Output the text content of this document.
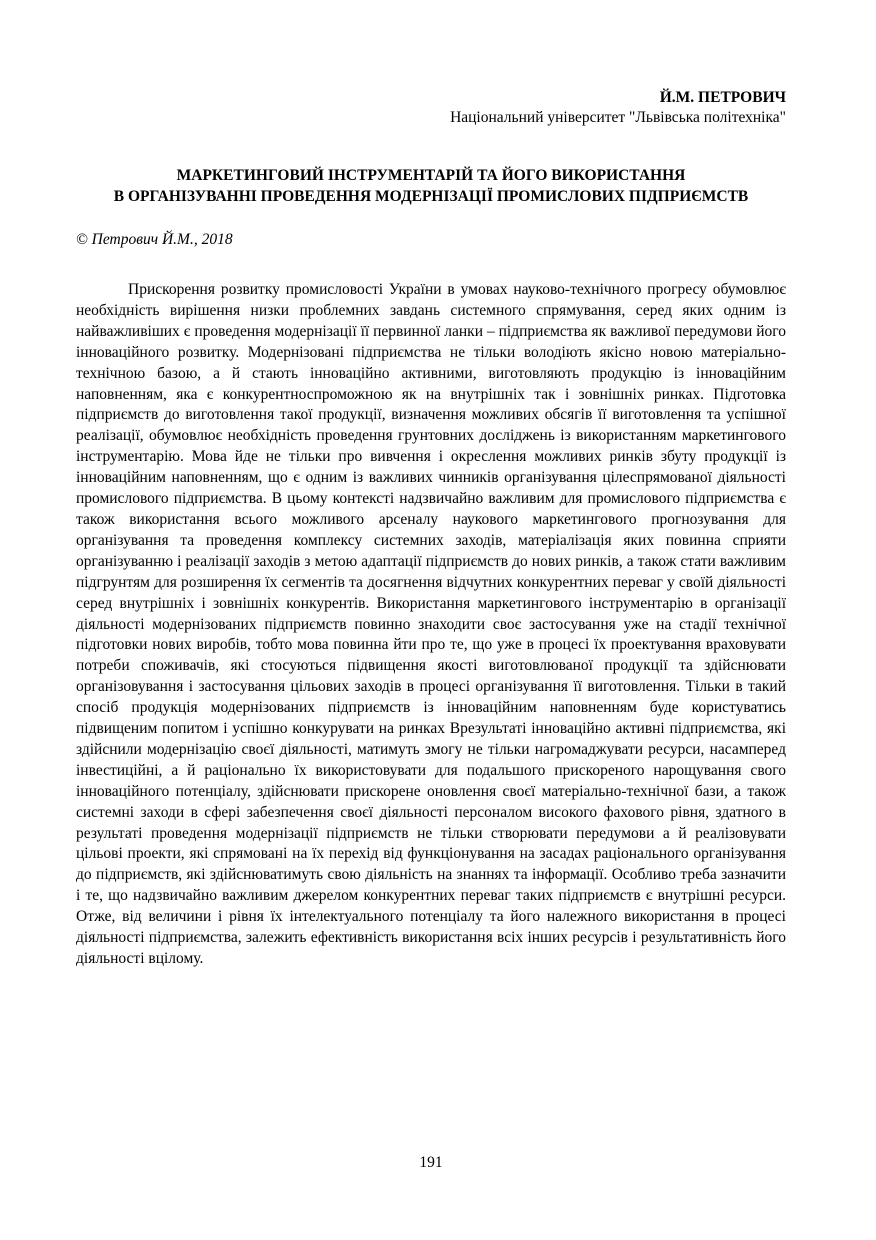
Й.М. ПЕТРОВИЧ
Національний університет "Львівська політехніка"
МАРКЕТИНГОВИЙ ІНСТРУМЕНТАРІЙ ТА ЙОГО ВИКОРИСТАННЯ
В ОРГАНІЗУВАННІ ПРОВЕДЕННЯ МОДЕРНІЗАЦІЇ ПРОМИСЛОВИХ ПІДПРИЄМСТВ
© Петрович Й.М., 2018

Прискорення розвитку промисловості України в умовах науково-технічного прогресу обумовлює необхідність вирішення низки проблемних завдань системного спрямування, серед яких одним із найважливіших є проведення модернізації її первинної ланки – підприємства як важливої передумови його інноваційного розвитку. Модернізовані підприємства не тільки володіють якісно новою матеріально-технічною базою, а й стають інноваційно активними, виготовляють продукцію із інноваційним наповненням, яка є конкурентноспроможною як на внутрішніх так і зовнішніх ринках. Підготовка підприємств до виготовлення такої продукції, визначення можливих обсягів її виготовлення та успішної реалізації, обумовлює необхідність проведення грунтовних досліджень із використанням маркетингового інструментарію. Мова йде не тільки про вивчення і окреслення можливих ринків збуту продукції із інноваційним наповненням, що є одним із важливих чинників організування цілеспрямованої діяльності промислового підприємства. В цьому контексті надзвичайно важливим для промислового підприємства є також використання всього можливого арсеналу наукового маркетингового прогнозування для організування та проведення комплексу системних заходів, матеріалізація яких повинна сприяти організуванню і реалізації заходів з метою адаптації підприємств до нових ринків, а також стати важливим підгрунтям для розширення їх сегментів та досягнення відчутних конкурентних переваг у своїй діяльності серед внутрішніх і зовнішніх конкурентів. Використання маркетингового інструментарію в організації діяльності модернізованих підприємств повинно знаходити своє застосування уже на стадії технічної підготовки нових виробів, тобто мова повинна йти про те, що уже в процесі їх проектування враховувати потреби споживачів, які стосуються підвищення якості виготовлюваної продукції та здійснювати організовування і застосування цільових заходів в процесі організування її виготовлення. Тільки в такий спосіб продукція модернізованих підприємств із інноваційним наповненням буде користуватись підвищеним попитом і успішно конкурувати на ринках Врезультаті інноваційно активні підприємства, які здійснили модернізацію своєї діяльності, матимуть змогу не тільки нагромаджувати ресурси, насамперед інвестиційні, а й раціонально їх використовувати для подальшого прискореного нарощування свого інноваційного потенціалу, здійснювати прискорене оновлення своєї матеріально-технічної бази, а також системні заходи в сфері забезпечення своєї діяльності персоналом високого фахового рівня, здатного в результаті проведення модернізації підприємств не тільки створювати передумови а й реалізовувати цільові проекти, які спрямовані на їх перехід від функціонування на засадах раціонального організування до підприємств, які здійснюватимуть свою діяльність на знаннях та інформації. Особливо треба зазначити і те, що надзвичайно важливим джерелом конкурентних переваг таких підприємств є внутрішні ресурси. Отже, від величини і рівня їх інтелектуального потенціалу та його належного використання в процесі діяльності підприємства, залежить ефективність використання всіх інших ресурсів і результативність його діяльності вцілому.

191
